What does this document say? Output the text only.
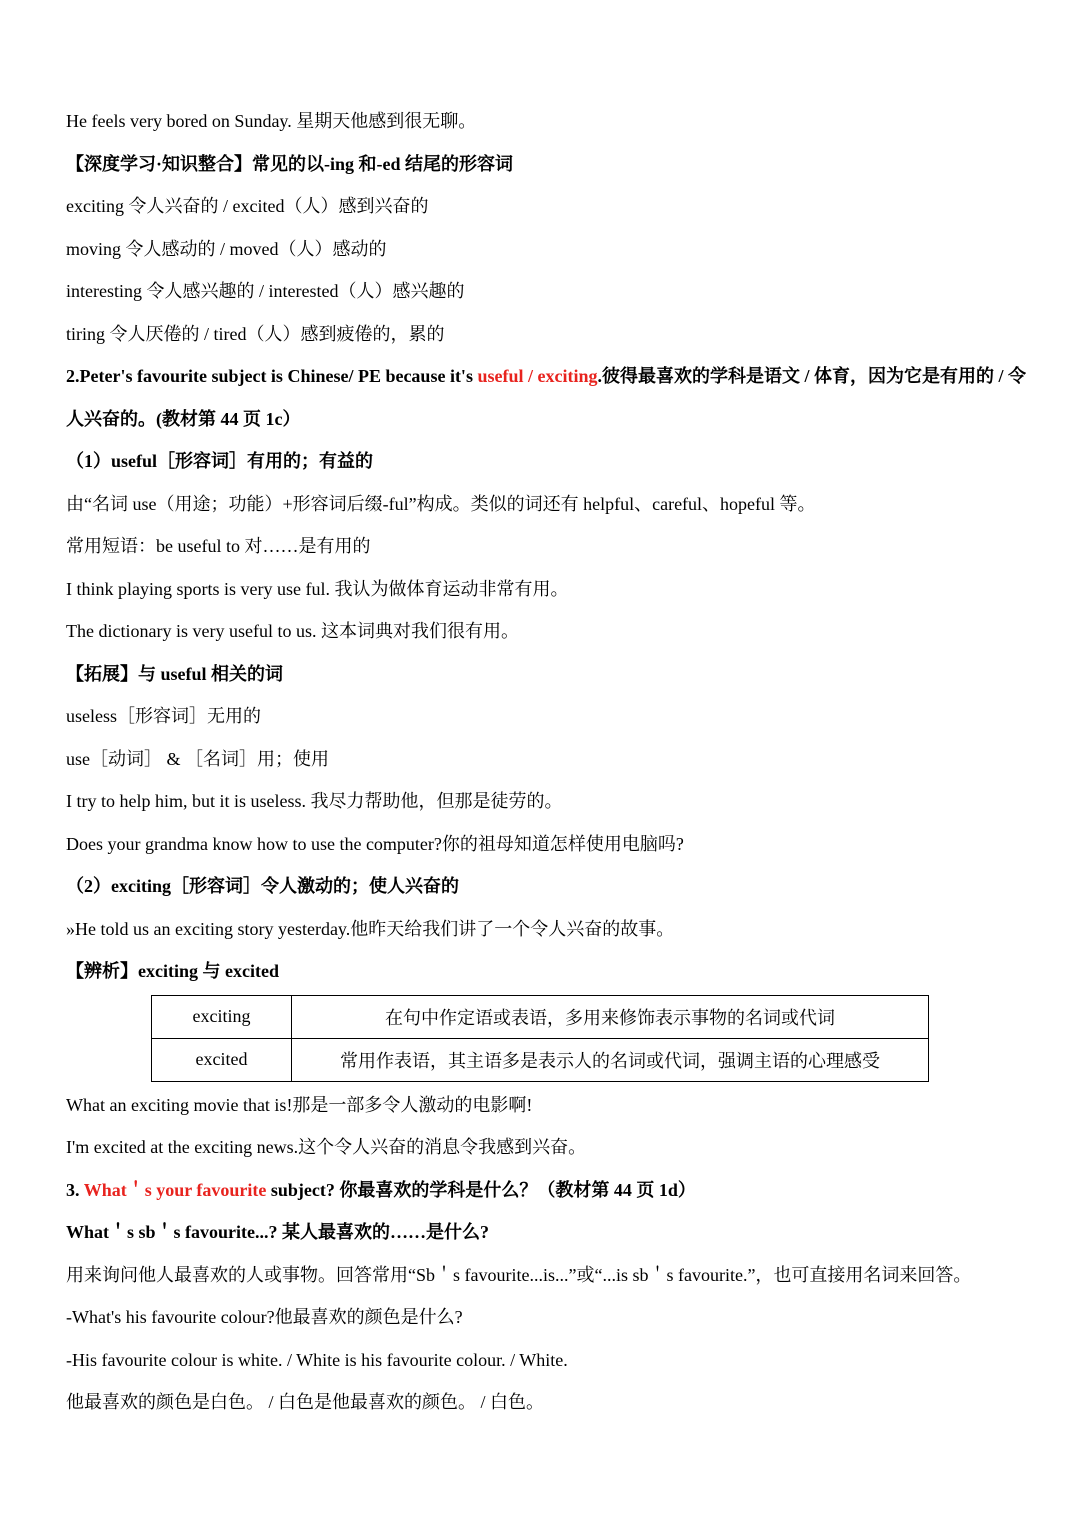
He feels very bored on Sunday. 星期天他感到很无聊。
【深度学习·知识整合】常见的以-ing 和-ed 结尾的形容词
exciting 令人兴奋的 / excited（人）感到兴奋的
moving 令人感动的 / moved（人）感动的
interesting 令人感兴趣的 / interested（人）感兴趣的
tiring 令人厌倦的 / tired（人）感到疲倦的，累的
2.Peter's favourite subject is Chinese/ PE because it's useful / exciting.彼得最喜欢的学科是语文 / 体育，因为它是有用的 / 令人兴奋的。(教材第 44 页 1c）
（1）useful［形容词］有用的；有益的
由“名词 use（用途；功能）+形容词后缀-ful”构成。类似的词还有 helpful、careful、hopeful 等。
常用短语：be useful to 对……是有用的
I think playing sports is very use ful. 我认为做体育运动非常有用。
The dictionary is very useful to us. 这本词典对我们很有用。
【拓展】与 useful 相关的词
useless［形容词］无用的
use［动词］ & ［名词］用；使用
I try to help him, but it is useless. 我尽力帮助他，但那是徒劳的。
Does your grandma know how to use the computer?你的祖母知道怎样使用电脑吗?
（2）exciting［形容词］令人激动的；使人兴奋的
»He told us an exciting story yesterday.他昨天给我们讲了一个令人兴奋的故事。
【辨析】exciting 与 excited
exciting	在句中作定语或表语，多用来修饰表示事物的名词或代词
excited	常用作表语，其主语多是表示人的名词或代词，强调主语的心理感受
What an exciting movie that is!那是一部多令人激动的电影啊!
I'm excited at the exciting news.这个令人兴奋的消息令我感到兴奋。
3. What＇s your favourite subject? 你最喜欢的学科是什么？（教材第 44 页 1d）
What＇s sb＇s favourite...? 某人最喜欢的……是什么?
用来询问他人最喜欢的人或事物。回答常用“Sb＇s favourite...is...”或“...is sb＇s favourite.”，也可直接用名词来回答。
-What's his favourite colour?他最喜欢的颜色是什么?
-His favourite colour is white. / White is his favourite colour. / White.
他最喜欢的颜色是白色。 / 白色是他最喜欢的颜色。 / 白色。
